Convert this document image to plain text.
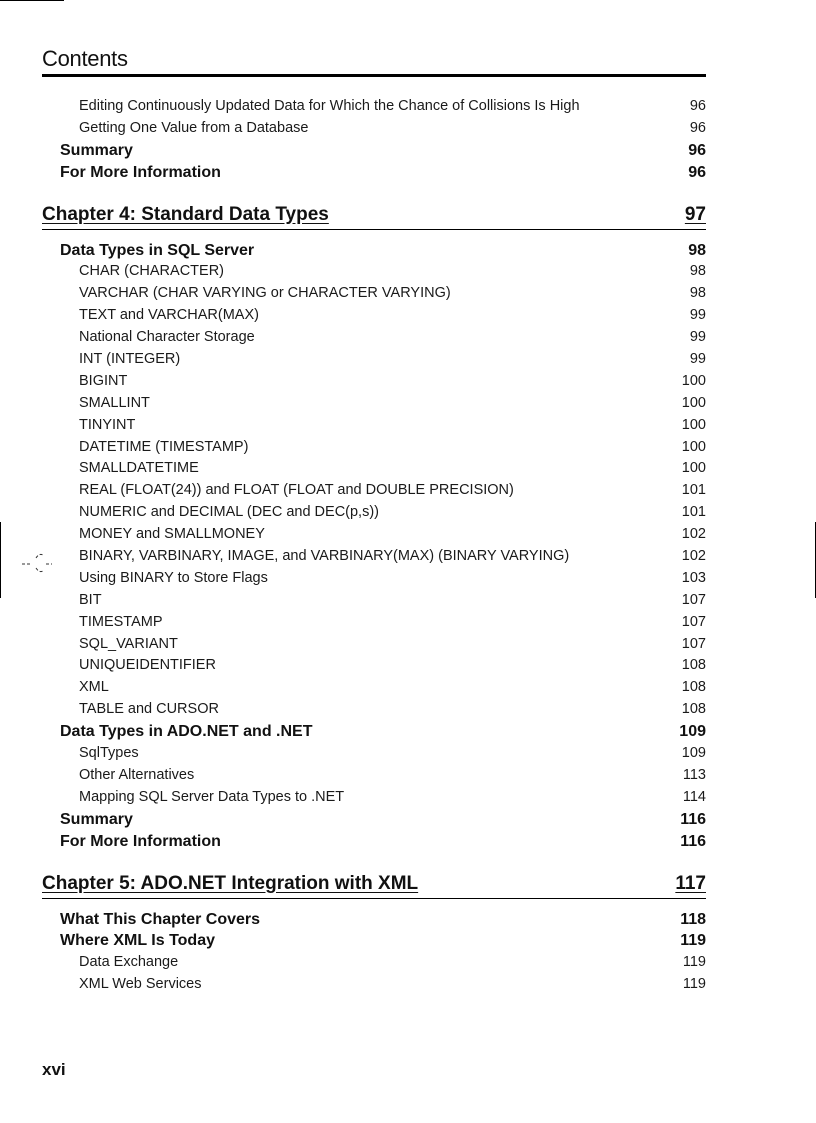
Contents
Editing Continuously Updated Data for Which the Chance of Collisions Is High	96
Getting One Value from a Database	96
Summary	96
For More Information	96
Chapter 4: Standard Data Types	97
Data Types in SQL Server	98
CHAR (CHARACTER)	98
VARCHAR (CHAR VARYING or CHARACTER VARYING)	98
TEXT and VARCHAR(MAX)	99
National Character Storage	99
INT (INTEGER)	99
BIGINT	100
SMALLINT	100
TINYINT	100
DATETIME (TIMESTAMP)	100
SMALLDATETIME	100
REAL (FLOAT(24)) and FLOAT (FLOAT and DOUBLE PRECISION)	101
NUMERIC and DECIMAL (DEC and DEC(p,s))	101
MONEY and SMALLMONEY	102
BINARY, VARBINARY, IMAGE, and VARBINARY(MAX) (BINARY VARYING)	102
Using BINARY to Store Flags	103
BIT	107
TIMESTAMP	107
SQL_VARIANT	107
UNIQUEIDENTIFIER	108
XML	108
TABLE and CURSOR	108
Data Types in ADO.NET and .NET	109
SqlTypes	109
Other Alternatives	113
Mapping SQL Server Data Types to .NET	114
Summary	116
For More Information	116
Chapter 5: ADO.NET Integration with XML	117
What This Chapter Covers	118
Where XML Is Today	119
Data Exchange	119
XML Web Services	119
xvi
